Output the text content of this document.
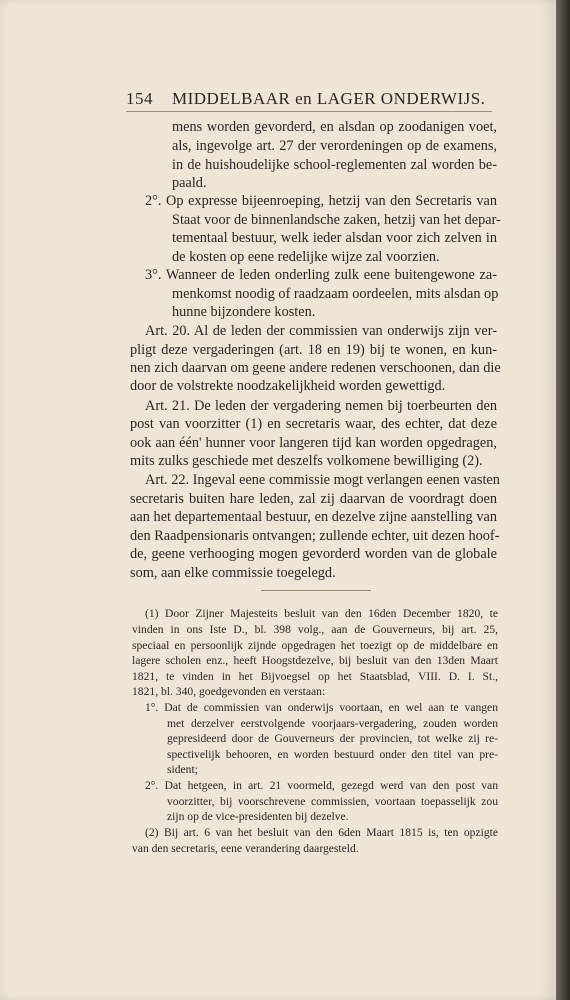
154 MIDDELBAAR en LAGER ONDERWIJS.
mens worden gevorderd, en alsdan op zoodanigen voet,
als, ingevolge art. 27 der verordeningen op de examens,
in de huishoudelijke school-reglementen zal worden be-
paald.
2°. Op expresse bijeenroeping, hetzij van den Secretaris van
Staat voor de binnenlandsche zaken, hetzij van het depar-
tementaal bestuur, welk ieder alsdan voor zich zelven in
de kosten op eene redelijke wijze zal voorzien.
3°. Wanneer de leden onderling zulk eene buitengewone za-
menkomst noodig of raadzaam oordeelen, mits alsdan op
hunne bijzondere kosten.
Art. 20. Al de leden der commissien van onderwijs zijn ver-
pligt deze vergaderingen (art. 18 en 19) bij te wonen, en kun-
nen zich daarvan om geene andere redenen verschoonen, dan die
door de volstrekte noodzakelijkheid worden gewettigd.
Art. 21. De leden der vergadering nemen bij toerbeurten den
post van voorzitter (1) en secretaris waar, des echter, dat deze
ook aan één' hunner voor langeren tijd kan worden opgedragen,
mits zulks geschiede met deszelfs volkomene bewilliging (2).
Art. 22. Ingeval eene commissie mogt verlangen eenen vasten
secretaris buiten hare leden, zal zij daarvan de voordragt doen
aan het departementaal bestuur, en dezelve zijne aanstelling van
den Raadpensionaris ontvangen; zullende echter, uit dezen hoof-
de, geene verhooging mogen gevorderd worden van de globale
som, aan elke commissie toegelegd.
(1) Door Zijner Majesteits besluit van den 16den December 1820, te
vinden in ons Iste D., bl. 398 volg., aan de Gouverneurs, bij art. 25,
speciaal en persoonlijk zijnde opgedragen het toezigt op de middelbare en
lagere scholen enz., heeft Hoogstdezelve, bij besluit van den 13den Maart
1821, te vinden in het Bijvoegsel op het Staatsblad, VIII. D. I. St.,
1821, bl. 340, goedgevonden en verstaan:
1°. Dat de commissien van onderwijs voortaan, en wel aan te vangen
met derzelver eerstvolgende voorjaars-vergadering, zouden worden
gepresideerd door de Gouverneurs der provincien, tot welke zij re-
spectivelijk behooren, en worden bestuurd onder den titel van pre-
sident;
2°. Dat hetgeen, in art. 21 voormeld, gezegd werd van den post van
voorzitter, bij voorschrevene commissien, voortaan toepasselijk zou
zijn op de vice-presidenten bij dezelve.
(2) Bij art. 6 van het besluit van den 6den Maart 1815 is, ten opzigte
van den secretaris, eene verandering daargesteld.
